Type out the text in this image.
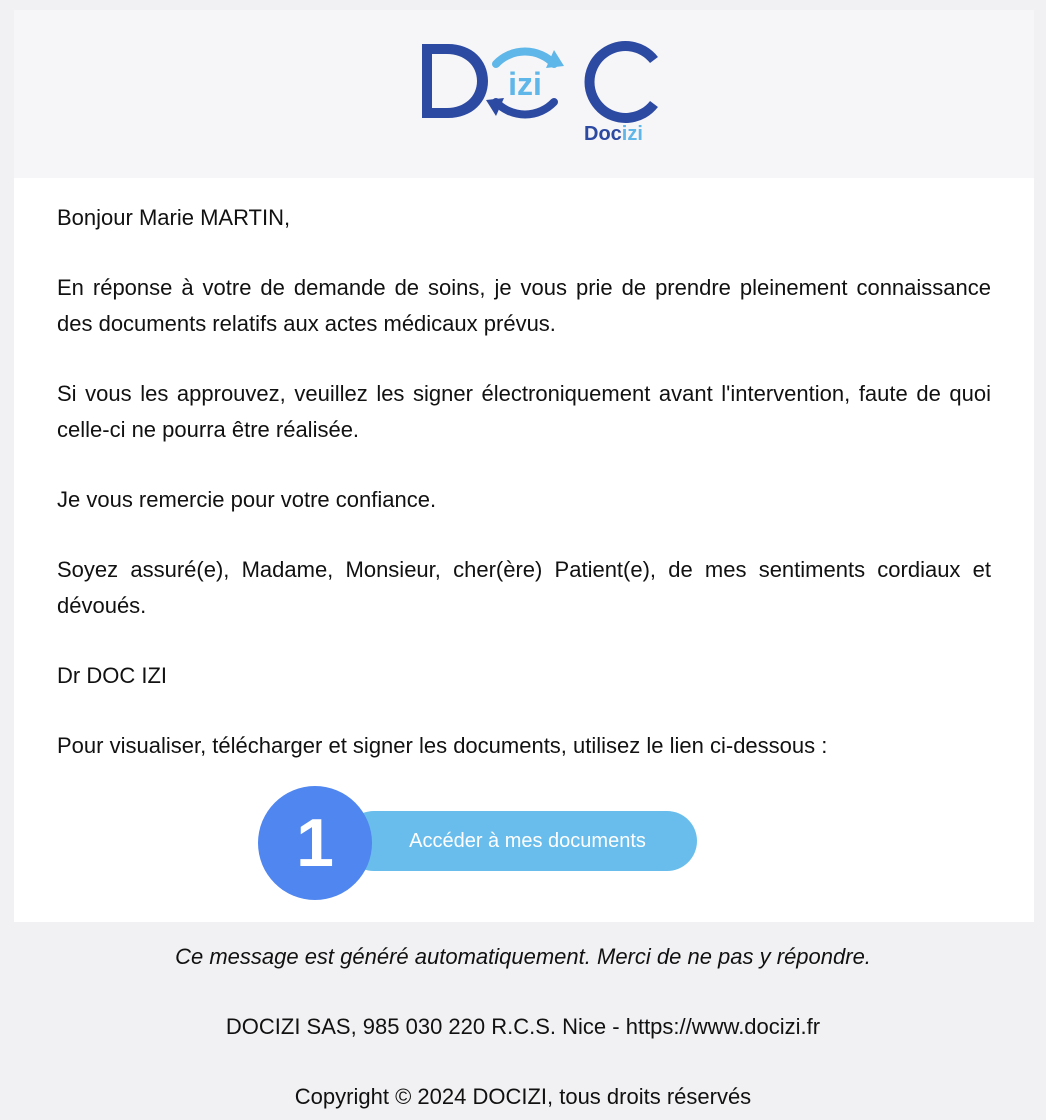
izi
Docizi

Bonjour Marie MARTIN,

En réponse à votre de demande de soins, je vous prie de prendre pleinement connaissance des documents relatifs aux actes médicaux prévus.

Si vous les approuvez, veuillez les signer électroniquement avant l'intervention, faute de quoi celle-ci ne pourra être réalisée.

Je vous remercie pour votre confiance.

Soyez assuré(e), Madame, Monsieur, cher(ère) Patient(e), de mes sentiments cordiaux et dévoués.

Dr DOC IZI

Pour visualiser, télécharger et signer les documents, utilisez le lien ci-dessous :

Accéder à mes documents
1

Ce message est généré automatiquement. Merci de ne pas y répondre.

DOCIZI SAS, 985 030 220 R.C.S. Nice - https://www.docizi.fr

Copyright © 2024 DOCIZI, tous droits réservés
